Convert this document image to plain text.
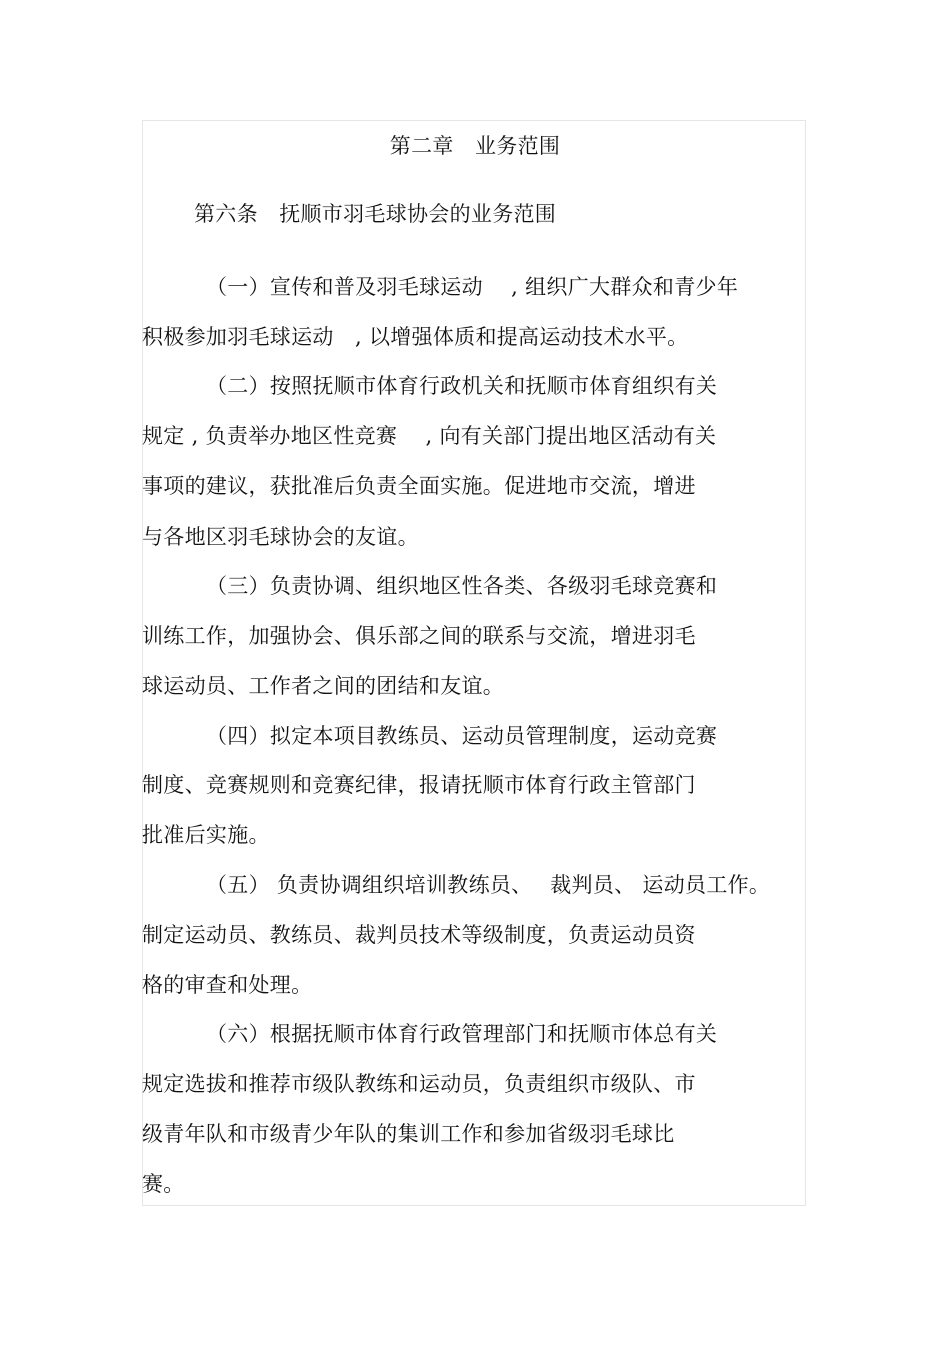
第二章　业务范围
第六条　抚顺市羽毛球协会的业务范围
（一）宣传和普及羽毛球运动　 , 组织广大群众和青少年
积极参加羽毛球运动　, 以增强体质和提高运动技术水平。
（二）按照抚顺市体育行政机关和抚顺市体育组织有关
规定 , 负责举办地区性竞赛　 , 向有关部门提出地区活动有关
事项的建议，获批准后负责全面实施。促进地市交流，增进
与各地区羽毛球协会的友谊。
（三）负责协调、组织地区性各类、各级羽毛球竞赛和
训练工作，加强协会、俱乐部之间的联系与交流，增进羽毛
球运动员、工作者之间的团结和友谊。
（四）拟定本项目教练员、运动员管理制度，运动竞赛
制度、竞赛规则和竞赛纪律，报请抚顺市体育行政主管部门
批准后实施。
（五） 负责协调组织培训教练员、　 裁判员、 运动员工作。
制定运动员、教练员、裁判员技术等级制度，负责运动员资
格的审查和处理。
（六）根据抚顺市体育行政管理部门和抚顺市体总有关
规定选拔和推荐市级队教练和运动员，负责组织市级队、市
级青年队和市级青少年队的集训工作和参加省级羽毛球比
赛。
